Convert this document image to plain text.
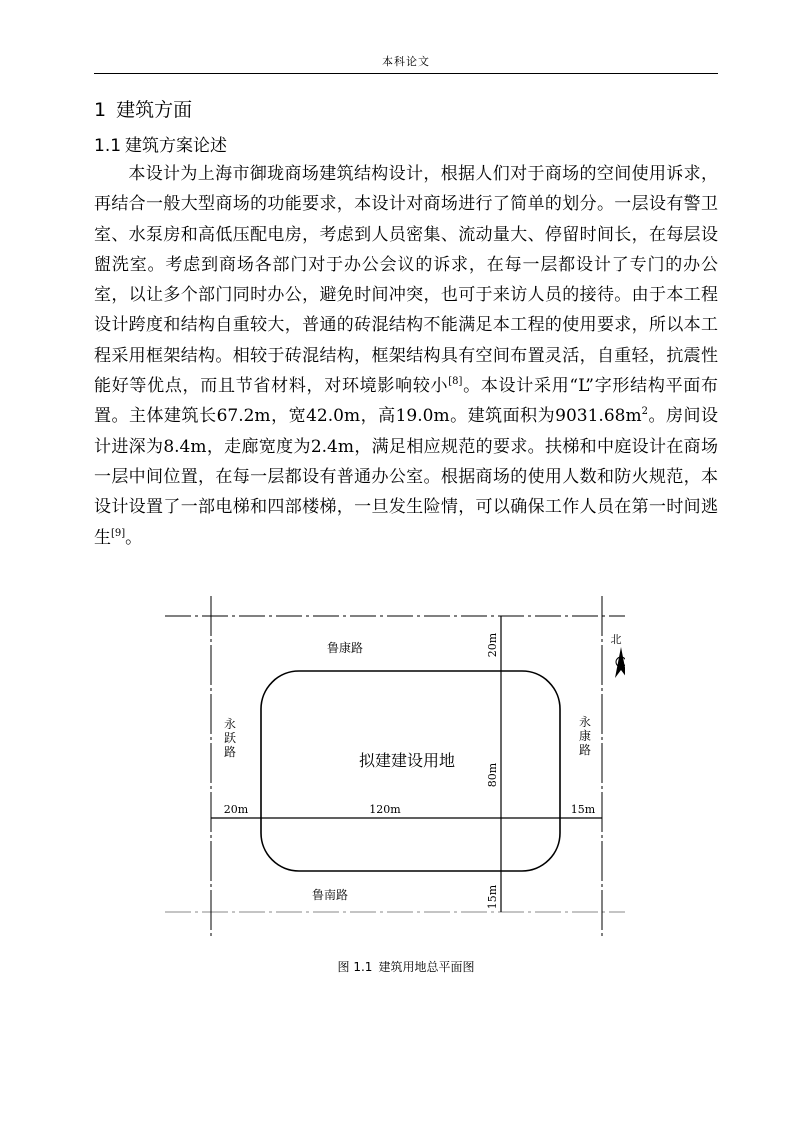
本科论文
1 建筑方面
1.1 建筑方案论述
本设计为上海市御珑商场建筑结构设计，根据人们对于商场的空间使用诉求，再结合一般大型商场的功能要求，本设计对商场进行了简单的划分。一层设有警卫室、水泵房和高低压配电房，考虑到人员密集、流动量大、停留时间长，在每层设盥洗室。考虑到商场各部门对于办公会议的诉求，在每一层都设计了专门的办公室，以让多个部门同时办公，避免时间冲突，也可于来访人员的接待。由于本工程设计跨度和结构自重较大，普通的砖混结构不能满足本工程的使用要求，所以本工程采用框架结构。相较于砖混结构，框架结构具有空间布置灵活，自重轻，抗震性能好等优点，而且节省材料，对环境影响较小[8]。本设计采用“L”字形结构平面布置。主体建筑长67.2m，宽42.0m，高19.0m。建筑面积为$9031.68m^2$。房间设计进深为8.4m，走廊宽度为2.4m，满足相应规范的要求。扶梯和中庭设计在商场一层中间位置，在每一层都设有普通办公室。根据商场的使用人数和防火规范，本设计设置了一部电梯和四部楼梯，一旦发生险情，可以确保工作人员在第一时间逃生[9]。
北
鲁康路
鲁南路
永
跃
路
永
康
路
拟建建设用地
20m	120m	15m
20m
80m
15m
图 1.1 建筑用地总平面图
